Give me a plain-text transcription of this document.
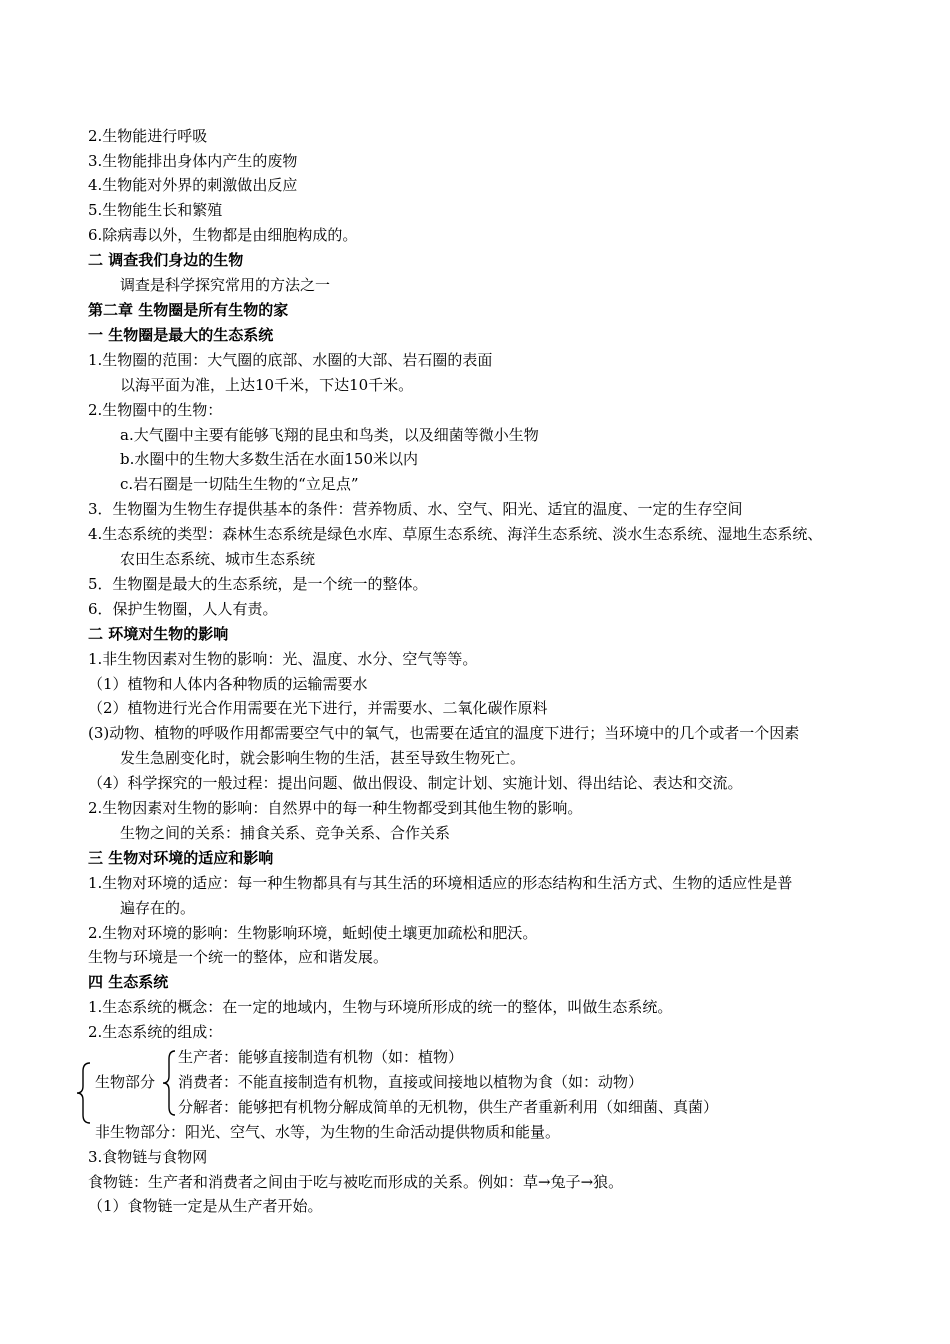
2.生物能进行呼吸
3.生物能排出身体内产生的废物
4.生物能对外界的刺激做出反应
5.生物能生长和繁殖
6.除病毒以外，生物都是由细胞构成的。
二 调查我们身边的生物
调查是科学探究常用的方法之一
第二章 生物圈是所有生物的家
一 生物圈是最大的生态系统
1.生物圈的范围：大气圈的底部、水圈的大部、岩石圈的表面
以海平面为准，上达10千米，下达10千米。
2.生物圈中的生物：
a.大气圈中主要有能够飞翔的昆虫和鸟类，以及细菌等微小生物
b.水圈中的生物大多数生活在水面150米以内
c.岩石圈是一切陆生生物的“立足点”
3．生物圈为生物生存提供基本的条件：营养物质、水、空气、阳光、适宜的温度、一定的生存空间
4.生态系统的类型：森林生态系统是绿色水库、草原生态系统、海洋生态系统、淡水生态系统、湿地生态系统、
农田生态系统、城市生态系统
5．生物圈是最大的生态系统，是一个统一的整体。
6．保护生物圈，人人有责。
二 环境对生物的影响
1.非生物因素对生物的影响：光、温度、水分、空气等等。
（1）植物和人体内各种物质的运输需要水
（2）植物进行光合作用需要在光下进行，并需要水、二氧化碳作原料
(3)动物、植物的呼吸作用都需要空气中的氧气，也需要在适宜的温度下进行；当环境中的几个或者一个因素
发生急剧变化时，就会影响生物的生活，甚至导致生物死亡。
（4）科学探究的一般过程：提出问题、做出假设、制定计划、实施计划、得出结论、表达和交流。
2.生物因素对生物的影响：自然界中的每一种生物都受到其他生物的影响。
生物之间的关系：捕食关系、竞争关系、合作关系
三 生物对环境的适应和影响
1.生物对环境的适应：每一种生物都具有与其生活的环境相适应的形态结构和生活方式、生物的适应性是普
遍存在的。
2.生物对环境的影响：生物影响环境，蚯蚓使土壤更加疏松和肥沃。
生物与环境是一个统一的整体，应和谐发展。
四 生态系统
1.生态系统的概念：在一定的地域内，生物与环境所形成的统一的整体，叫做生态系统。
2.生态系统的组成：
生产者：能够直接制造有机物（如：植物）
生物部分 消费者：不能直接制造有机物，直接或间接地以植物为食（如：动物）
分解者：能够把有机物分解成简单的无机物，供生产者重新利用（如细菌、真菌）
非生物部分：阳光、空气、水等，为生物的生命活动提供物质和能量。
3.食物链与食物网
食物链：生产者和消费者之间由于吃与被吃而形成的关系。例如：草→兔子→狼。
（1）食物链一定是从生产者开始。
